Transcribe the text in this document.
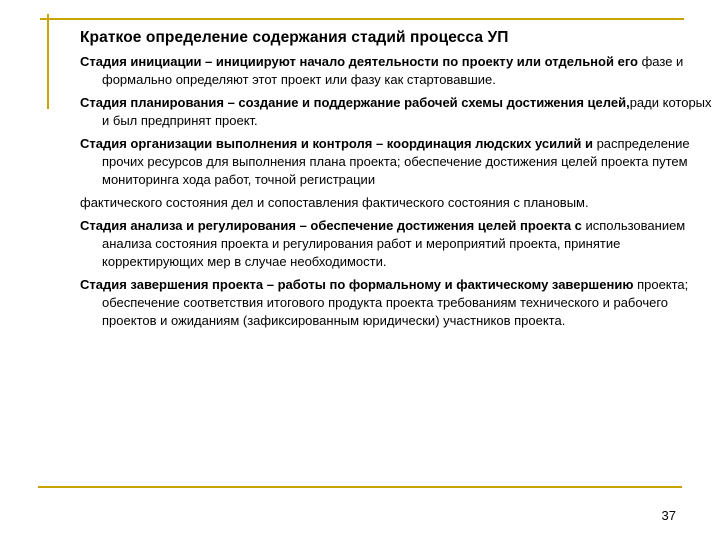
Краткое определение содержания стадий процесса УП

Стадия инициации – инициируют начало деятельности по проекту или отдельной его фазе и формально определяют этот проект или фазу как стартовавшие.

Стадия планирования – создание и поддержание рабочей схемы достижения целей,ради которых и был предпринят проект.

Стадия организации выполнения и контроля – координация людских усилий и распределение прочих ресурсов для выполнения плана проекта; обеспечение достижения целей проекта путем мониторинга хода работ, точной регистрации

фактического состояния дел и сопоставления фактического состояния с плановым.

Стадия анализа и регулирования – обеспечение достижения целей проекта с использованием анализа состояния проекта и регулирования работ и мероприятий проекта, принятие корректирующих мер в случае необходимости.

Стадия завершения проекта – работы по формальному и фактическому завершению проекта; обеспечение соответствия итогового продукта проекта требованиям технического и рабочего проектов и ожиданиям (зафиксированным юридически) участников проекта.

37
